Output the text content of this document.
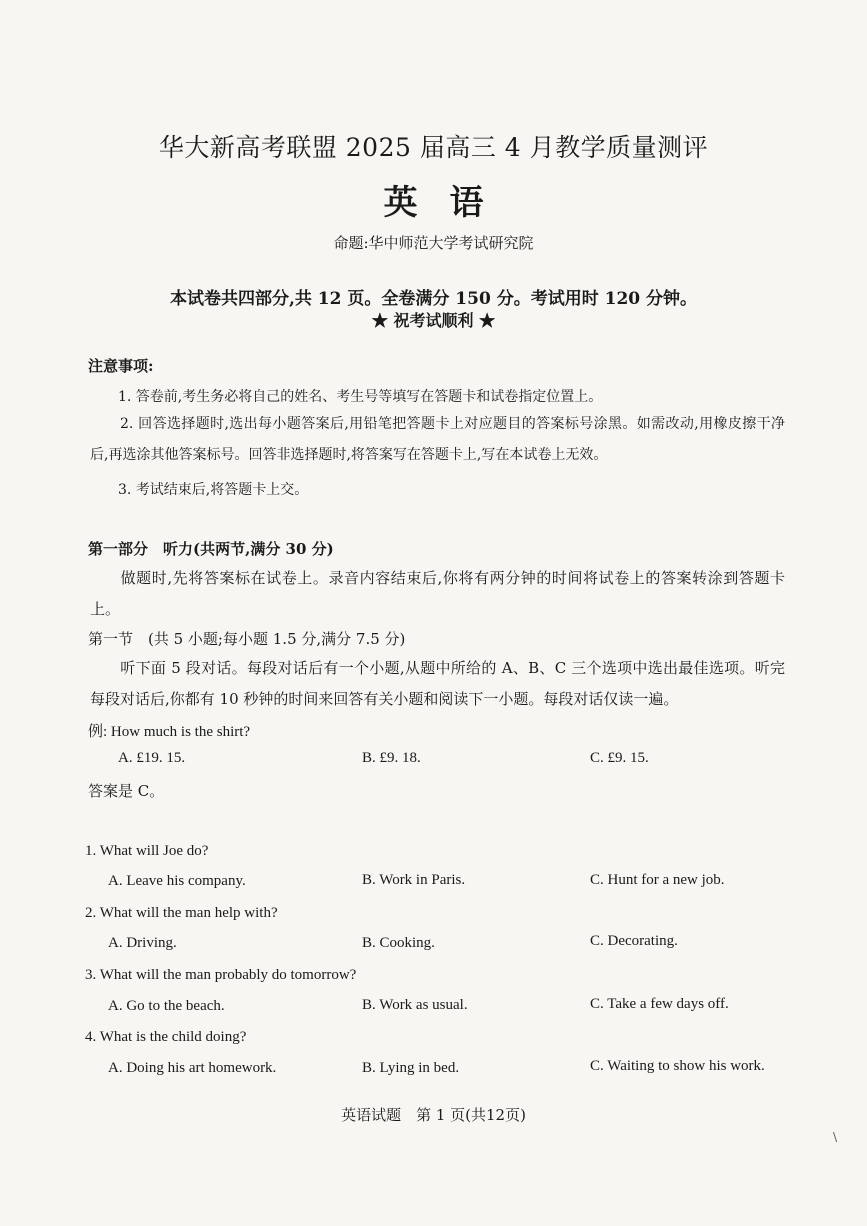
华大新高考联盟 2025 届高三 4 月教学质量测评
英语
命题:华中师范大学考试研究院
本试卷共四部分,共 12 页。全卷满分 150 分。考试用时 120 分钟。
★ 祝考试顺利 ★
注意事项:
1. 答卷前,考生务必将自己的姓名、考生号等填写在答题卡和试卷指定位置上。
2. 回答选择题时,选出每小题答案后,用铅笔把答题卡上对应题目的答案标号涂黑。如需改动,用橡皮擦干净后,再选涂其他答案标号。回答非选择题时,将答案写在答题卡上,写在本试卷上无效。
3. 考试结束后,将答题卡上交。
第一部分　听力(共两节,满分 30 分)
做题时,先将答案标在试卷上。录音内容结束后,你将有两分钟的时间将试卷上的答案转涂到答题卡上。
第一节　(共 5 小题;每小题 1.5 分,满分 7.5 分)
听下面 5 段对话。每段对话后有一个小题,从题中所给的 A、B、C 三个选项中选出最佳选项。听完每段对话后,你都有 10 秒钟的时间来回答有关小题和阅读下一小题。每段对话仅读一遍。
例: How much is the shirt?
A. £19. 15.	B. £9. 18.	C. £9. 15.
答案是 C。
1. What will Joe do?
A. Leave his company.	B. Work in Paris.	C. Hunt for a new job.
2. What will the man help with?
A. Driving.	B. Cooking.	C. Decorating.
3. What will the man probably do tomorrow?
A. Go to the beach.	B. Work as usual.	C. Take a few days off.
4. What is the child doing?
A. Doing his art homework.	B. Lying in bed.	C. Waiting to show his work.
英语试题　第 1 页(共12页)
\
